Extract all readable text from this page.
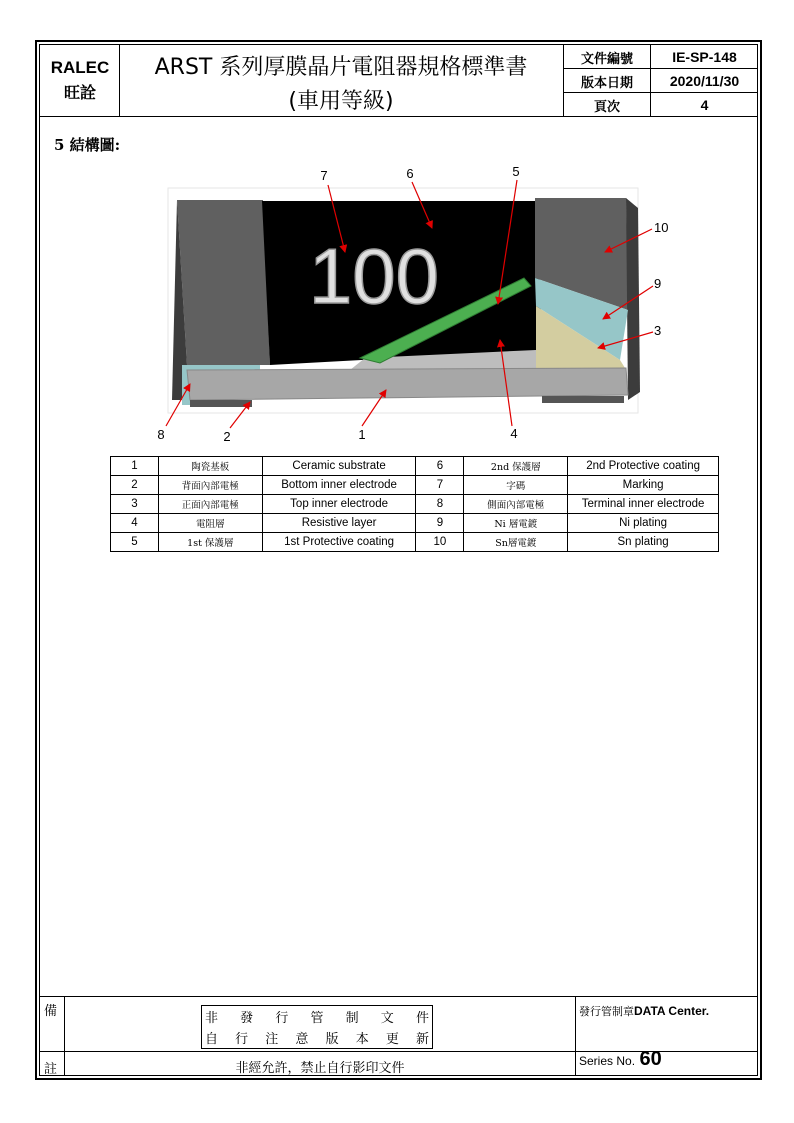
RALEC
旺詮
ARST 系列厚膜晶片電阻器規格標準書
(車用等級)
文件編號	IE-SP-148
版本日期	2020/11/30
頁次	4
5 結構圖:
100
7	6	5
10
9
3
8	2	1	4
1	陶瓷基板	Ceramic substrate	6	2nd 保護層	2nd Protective coating
2	背面內部電極	Bottom inner electrode	7	字碼	Marking
3	正面內部電極	Top inner electrode	8	側面內部電極	Terminal inner electrode
4	電阻層	Resistive layer	9	Ni 層電鍍	Ni plating
5	1st 保護層	1st Protective coating	10	Sn層電鍍	Sn plating
備
註
非 發 行 管 制 文 件
自 行 注 意 版 本 更 新
非經允許，禁止自行影印文件
發行管制章DATA Center.
Series No. 60
